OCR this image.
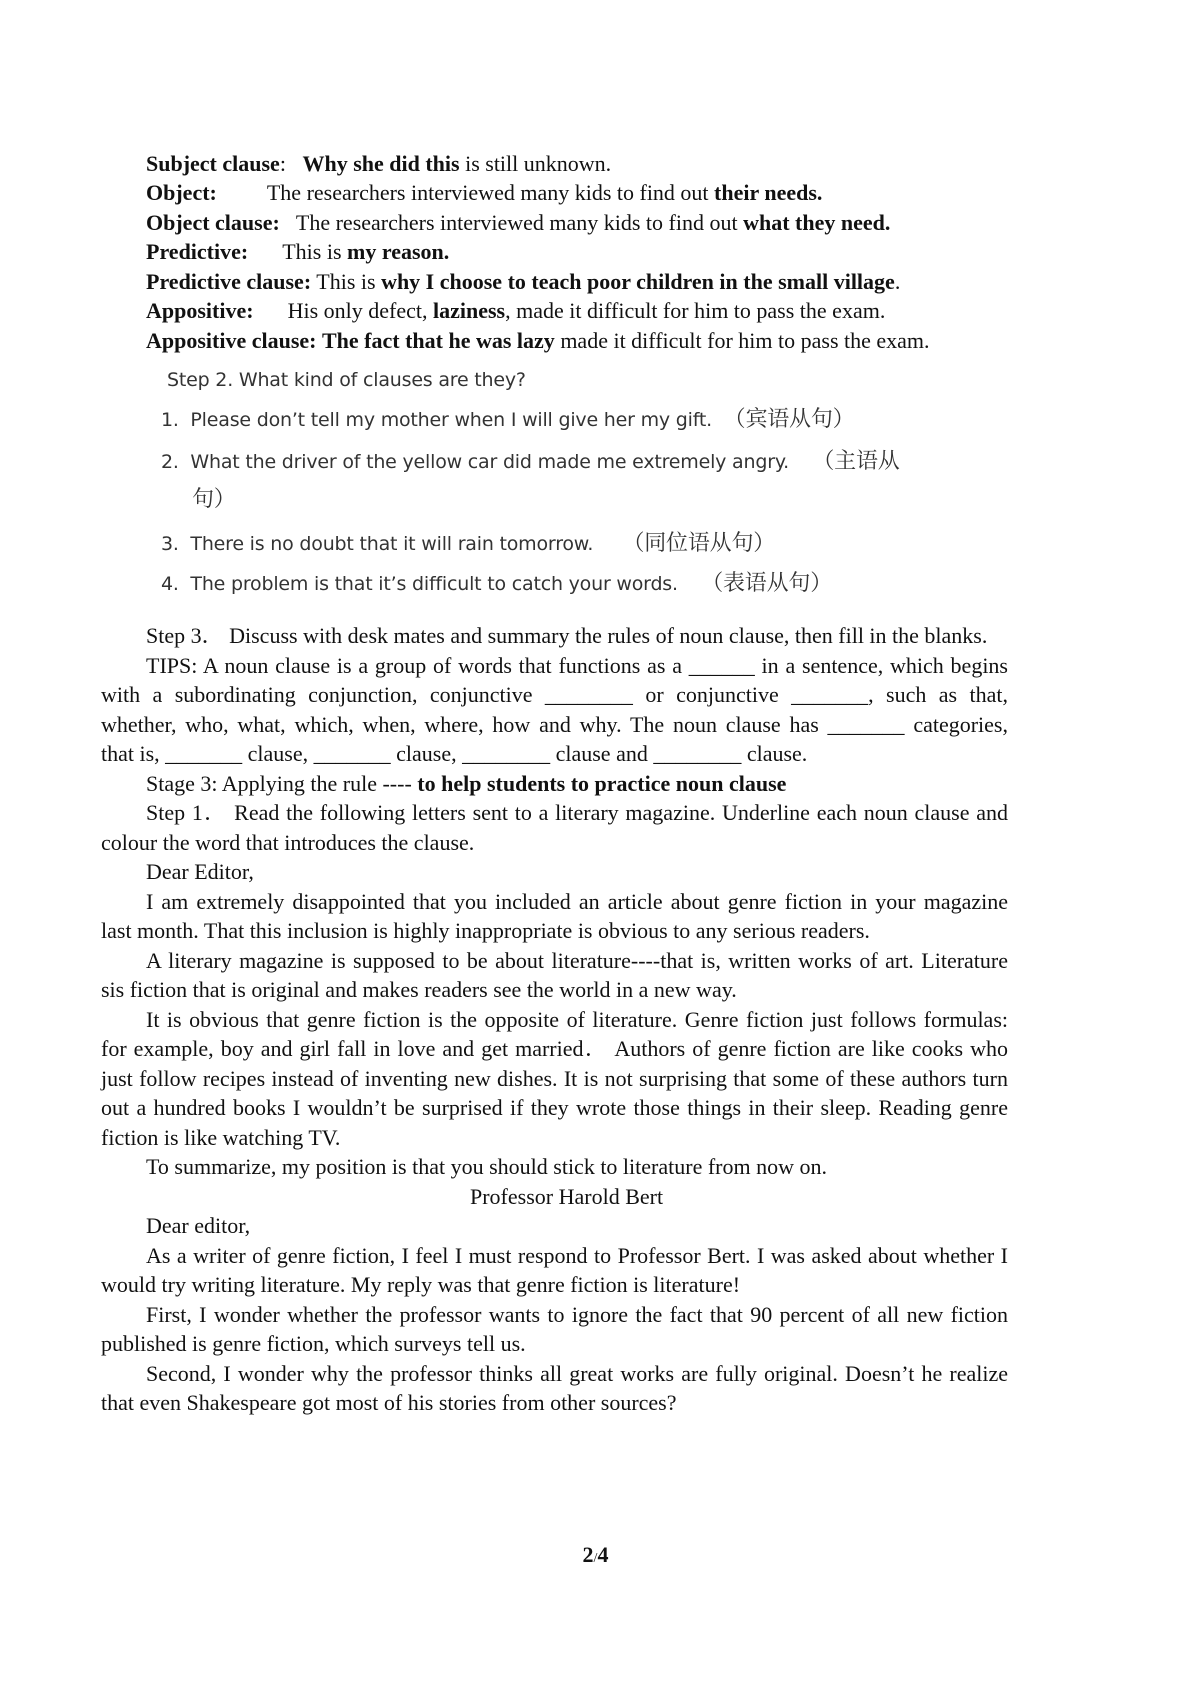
Subject clause: Why she did this is still unknown.
Object: The researchers interviewed many kids to find out their needs.
Object clause: The researchers interviewed many kids to find out what they need.
Predictive: This is my reason.
Predictive clause: This is why I choose to teach poor children in the small village.
Appositive: His only defect, laziness, made it difficult for him to pass the exam.
Appositive clause: The fact that he was lazy made it difficult for him to pass the exam.
Step 2. What kind of clauses are they?
1. Please don’t tell my mother when I will give her my gift. （宾语从句）
2. What the driver of the yellow car did made me extremely angry. （主语从
句）
3. There is no doubt that it will rain tomorrow. （同位语从句）
4. The problem is that it’s difficult to catch your words. （表语从句）
Step 3． Discuss with desk mates and summary the rules of noun clause, then fill in the blanks.
TIPS: A noun clause is a group of words that functions as a ______ in a sentence, which begins
with a subordinating conjunction, conjunctive ________ or conjunctive _______, such as that,
whether, who, what, which, when, where, how and why. The noun clause has _______ categories,
that is, _______ clause, _______ clause, ________ clause and ________ clause.
Stage 3: Applying the rule ---- to help students to practice noun clause
Step 1． Read the following letters sent to a literary magazine. Underline each noun clause and
colour the word that introduces the clause.
Dear Editor,
I am extremely disappointed that you included an article about genre fiction in your magazine
last month. That this inclusion is highly inappropriate is obvious to any serious readers.
A literary magazine is supposed to be about literature----that is, written works of art. Literature
sis fiction that is original and makes readers see the world in a new way.
It is obvious that genre fiction is the opposite of literature. Genre fiction just follows formulas:
for example, boy and girl fall in love and get married． Authors of genre fiction are like cooks who
just follow recipes instead of inventing new dishes. It is not surprising that some of these authors turn
out a hundred books I wouldn’t be surprised if they wrote those things in their sleep. Reading genre
fiction is like watching TV.
To summarize, my position is that you should stick to literature from now on.
Professor Harold Bert
Dear editor,
As a writer of genre fiction, I feel I must respond to Professor Bert. I was asked about whether I
would try writing literature. My reply was that genre fiction is literature!
First, I wonder whether the professor wants to ignore the fact that 90 percent of all new fiction
published is genre fiction, which surveys tell us.
Second, I wonder why the professor thinks all great works are fully original. Doesn’t he realize
that even Shakespeare got most of his stories from other sources?
2/4
